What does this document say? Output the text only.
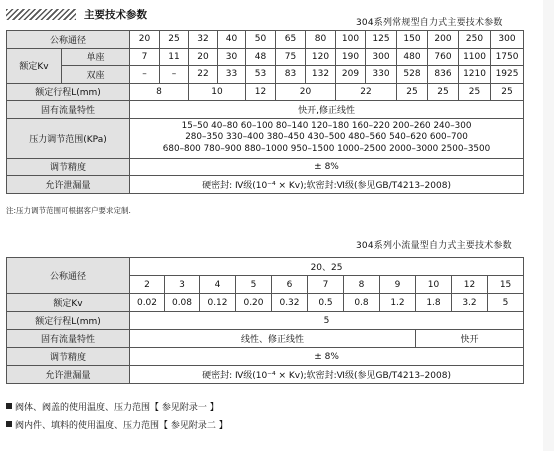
主要技术参数
304系列常规型自力式主要技术参数
公称通径		20	25	32	40	50	65	80	100	125	150	200	250	300
额定Kv	单座	7	11	20	30	48	75	120	190	300	480	760	1100	1750
	双座	–	–	22	33	53	83	132	209	330	528	836	1210	1925
额定行程L(mm)		8		10		12	20		22		25	25	25	25
固有流量特性		快开,修正线性												
压力调节范围(KPa)		15–50 40–80 60–100 80–140 120–180 160–220 200–260 240–300
280–350 330–400 380–450 430–500 480–560 540–620 600–700
680–800 780–900 880–1000 950–1500 1000–2500 2000–3000 2500–3500												

调节精度		± 8%												
允许泄漏量		硬密封: Ⅳ级(10⁻⁴ × Kv);软密封:Ⅵ级(参见GB/T4213–2008)												
注:压力调节范围可根据客户要求定制.
304系列小流量型自力式主要技术参数
公称通径	20、25										
	2	3	4	5	6	7	8	9	10	12	15
额定Kv	0.02	0.08	0.12	0.20	0.32	0.5	0.8	1.2	1.8	3.2	5
额定行程L(mm)	5										
固有流量特性	线性、修正线性								快开		
调节精度	± 8%										
允许泄漏量	硬密封: Ⅳ级(10⁻⁴ × Kv);软密封:Ⅵ级(参见GB/T4213–2008)										
阀体、阀盖的使用温度、压力范围【 参见附录一 】
阀内件、填料的使用温度、压力范围【 参见附录二 】
